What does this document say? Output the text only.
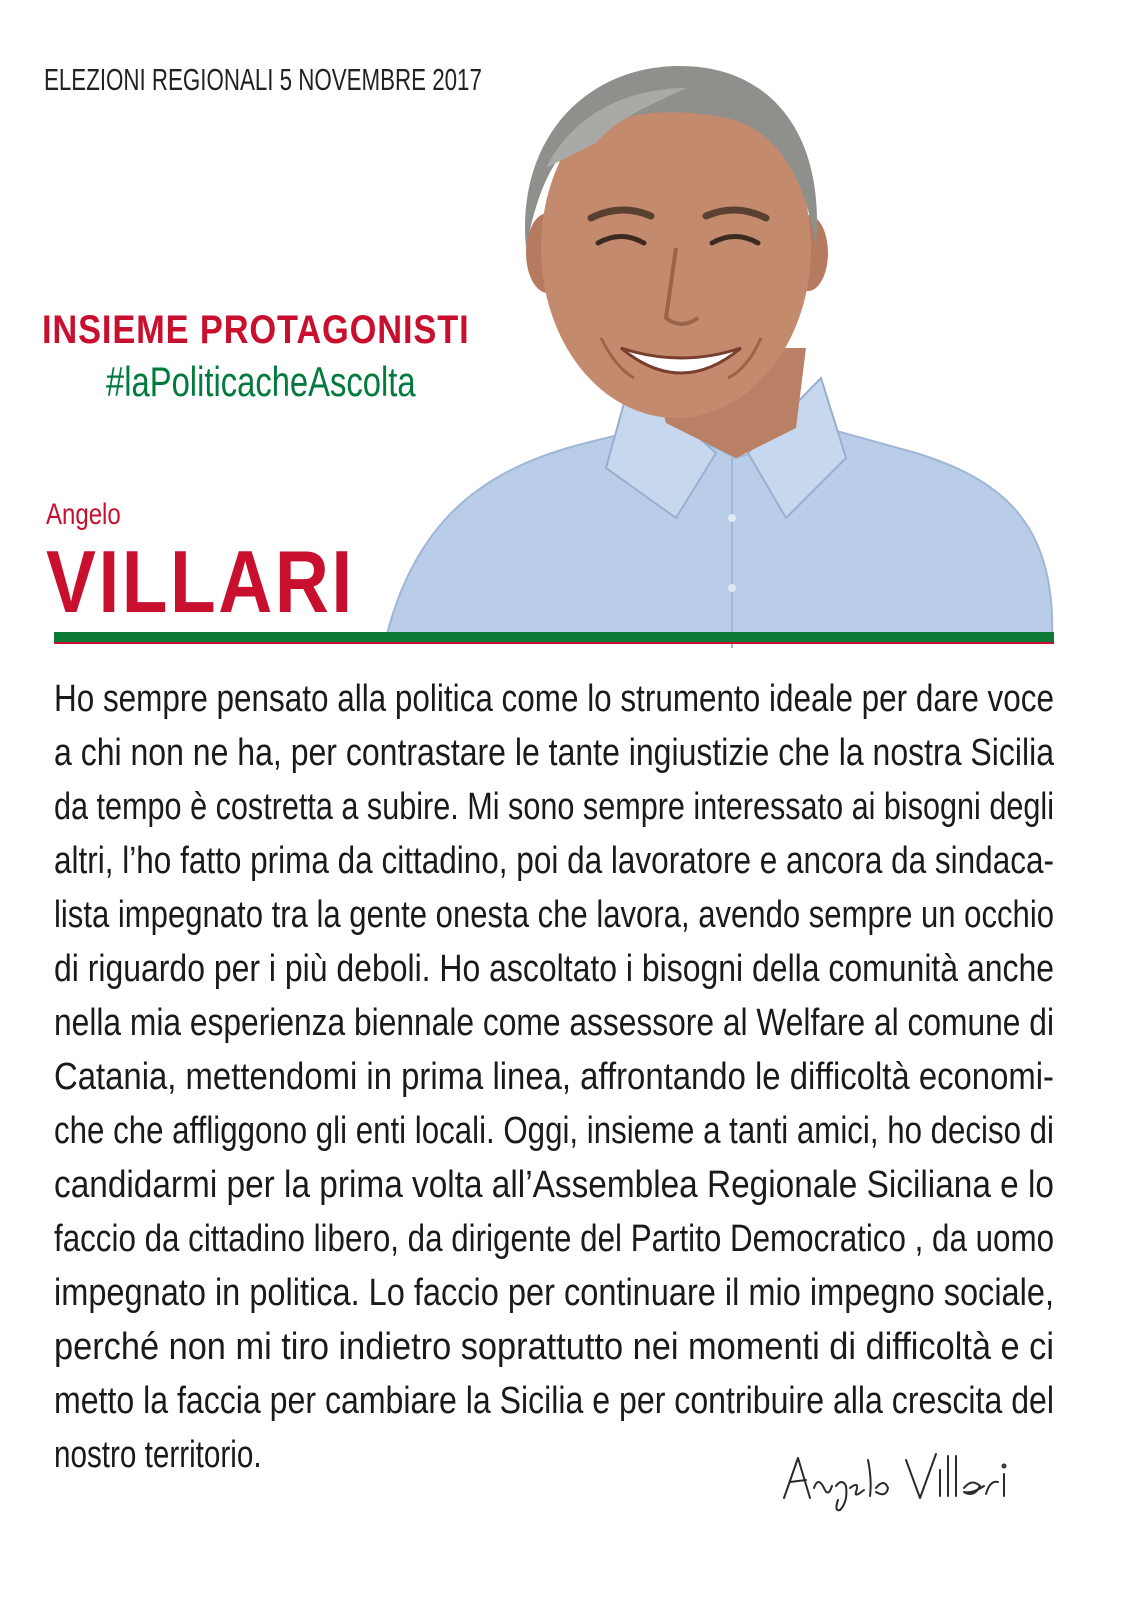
ELEZIONI REGIONALI 5 NOVEMBRE 2017
INSIEME PROTAGONISTI
#laPoliticacheAscolta
Angelo
VILLARI
Ho sempre pensato alla politica come lo strumento ideale per dare voce
a chi non ne ha, per contrastare le tante ingiustizie che la nostra Sicilia
da tempo è costretta a subire. Mi sono sempre interessato ai bisogni degli
altri, l’ho fatto prima da cittadino, poi da lavoratore e ancora da sindaca-
lista impegnato tra la gente onesta che lavora, avendo sempre un occhio
di riguardo per i più deboli. Ho ascoltato i bisogni della comunità anche
nella mia esperienza biennale come assessore al Welfare al comune di
Catania, mettendomi in prima linea, affrontando le difficoltà economi-
che che affliggono gli enti locali. Oggi, insieme a tanti amici, ho deciso di
candidarmi per la prima volta all’Assemblea Regionale Siciliana e lo
faccio da cittadino libero, da dirigente del Partito Democratico , da uomo
impegnato in politica. Lo faccio per continuare il mio impegno sociale,
perché non mi tiro indietro soprattutto nei momenti di difficoltà e ci
metto la faccia per cambiare la Sicilia e per contribuire alla crescita del
nostro territorio.
